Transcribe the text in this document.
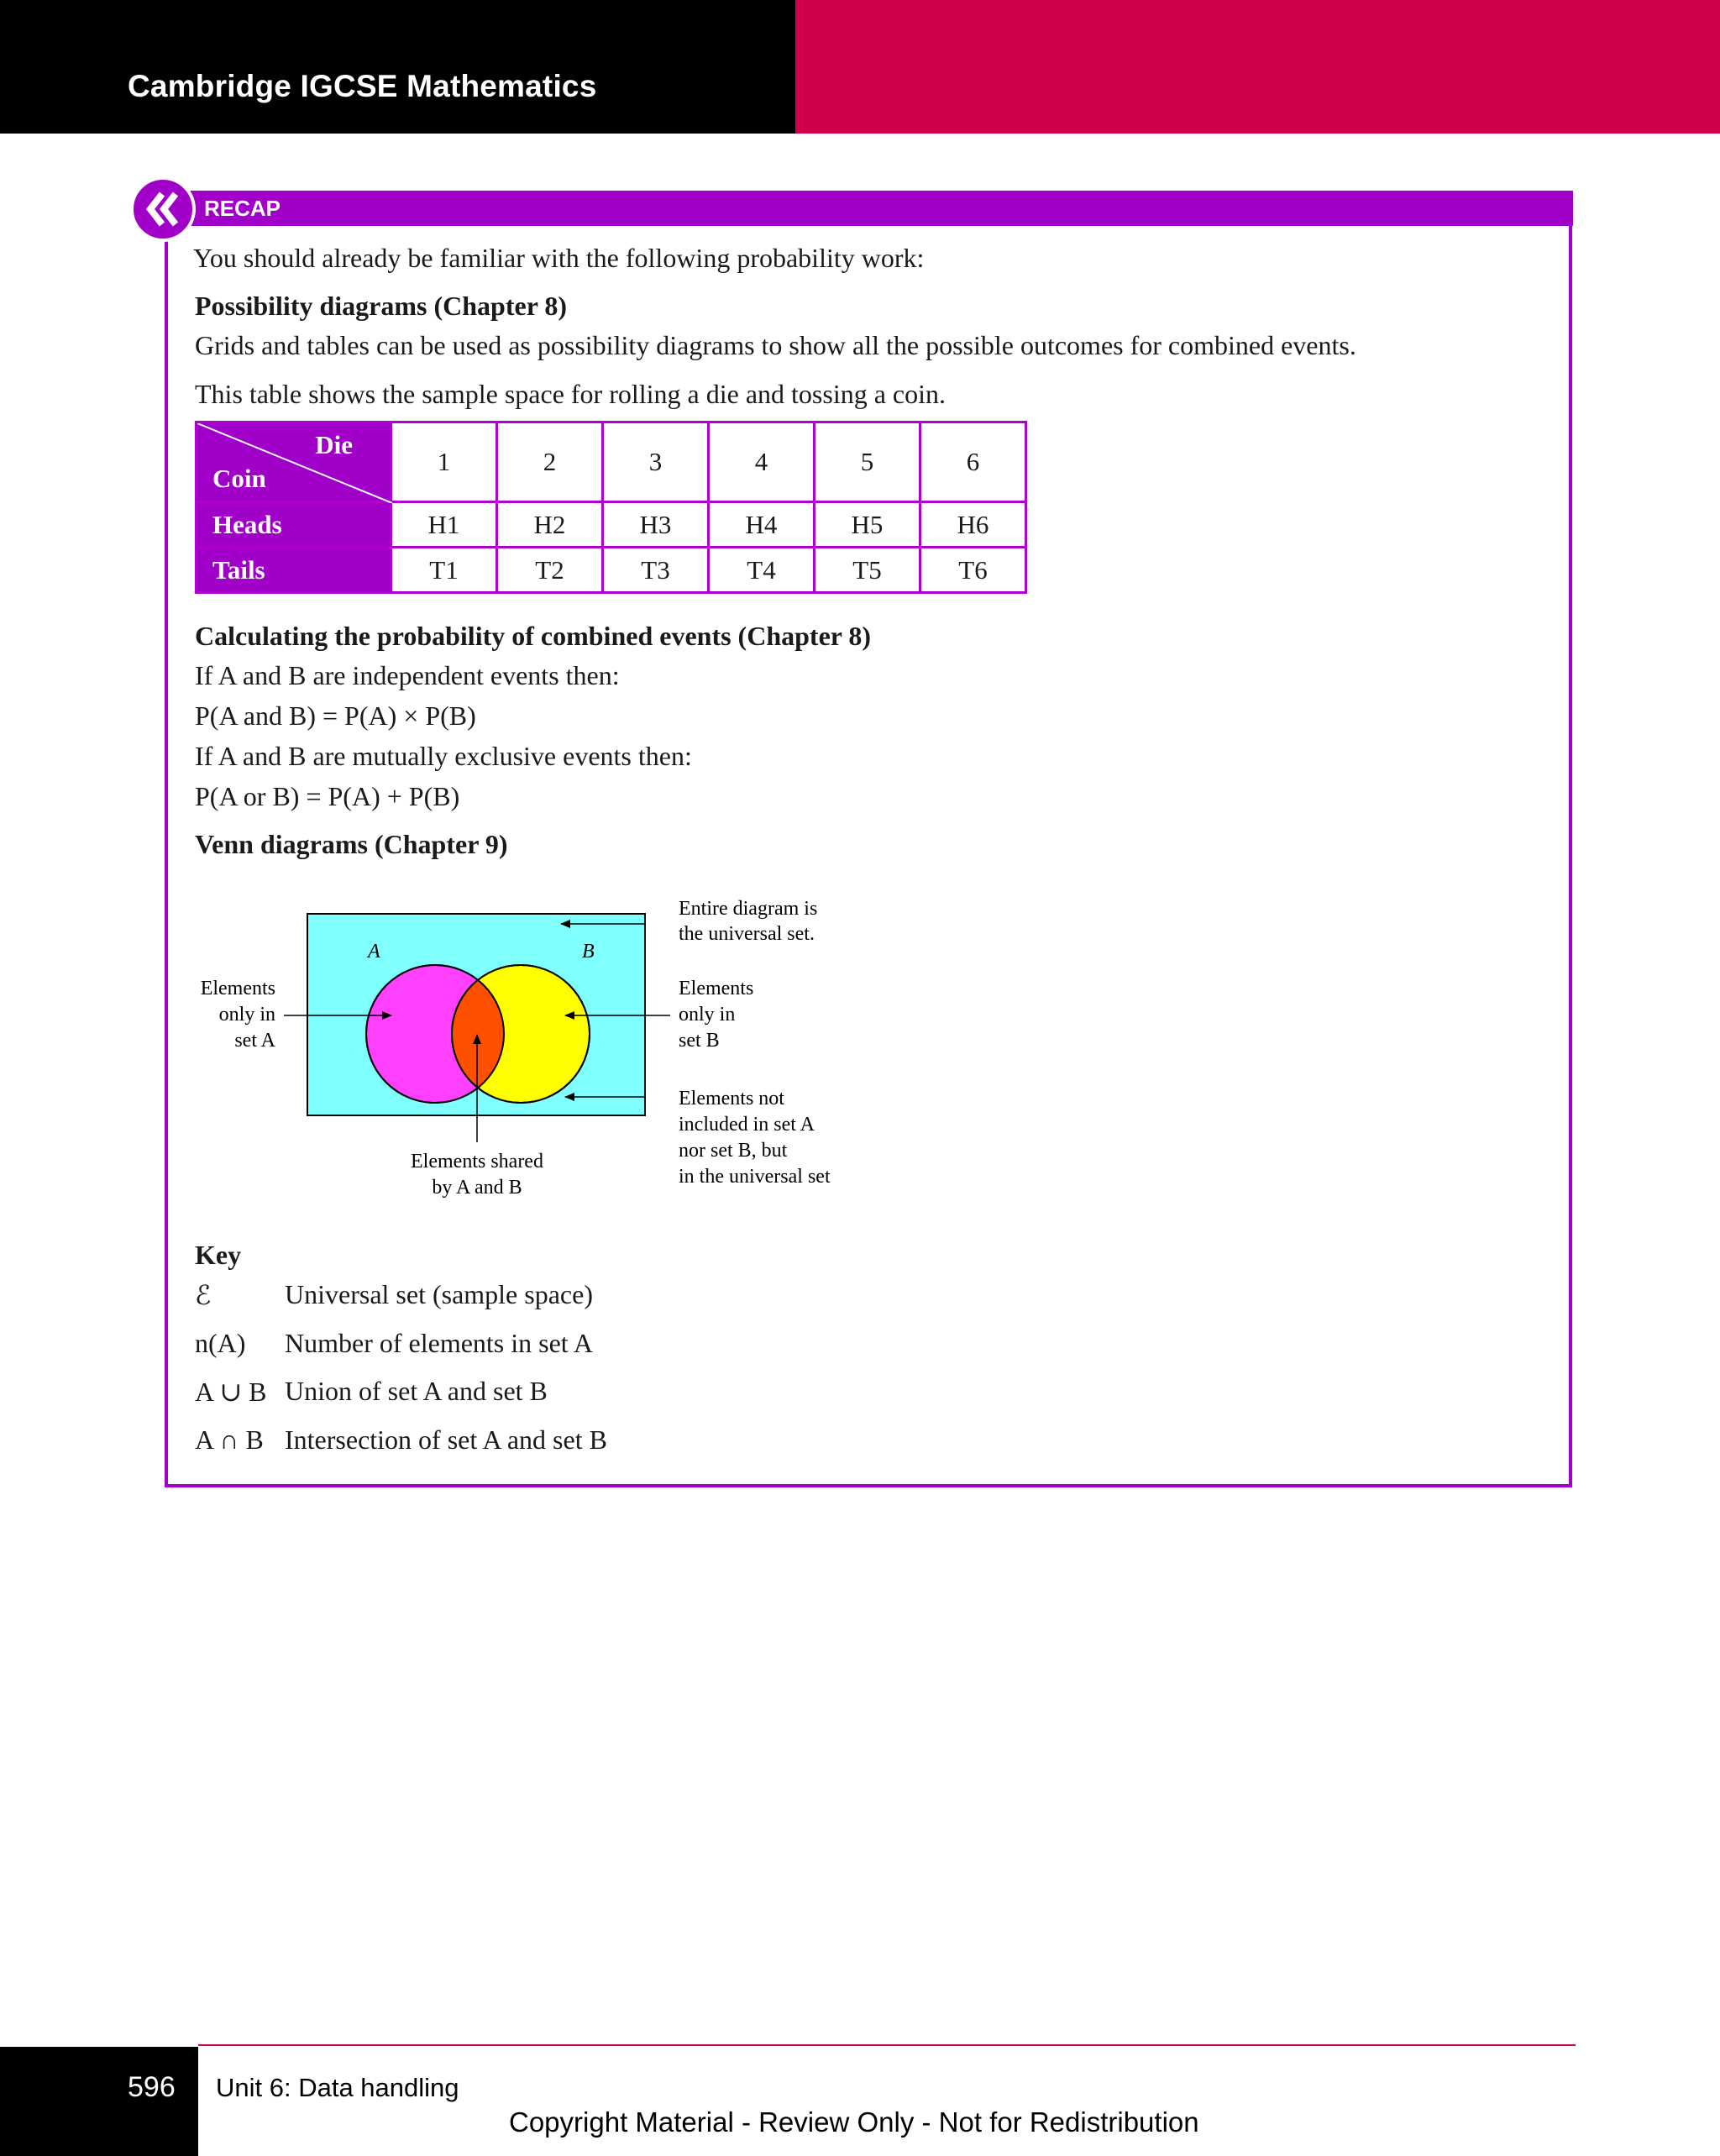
Cambridge IGCSE Mathematics
RECAP
You should already be familiar with the following probability work:
Possibility diagrams (Chapter 8)
Grids and tables can be used as possibility diagrams to show all the possible outcomes for combined events.
This table shows the sample space for rolling a die and tossing a coin.
Die
Coin	1	2	3	4	5	6
Heads	H1	H2	H3	H4	H5	H6
Tails	T1	T2	T3	T4	T5	T6
Calculating the probability of combined events (Chapter 8)
If A and B are independent events then:
P(A and B) = P(A) × P(B)
If A and B are mutually exclusive events then:
P(A or B) = P(A) + P(B)
Venn diagrams (Chapter 9)
A	B
Entire diagram is
the universal set.
Elements
only in
set B
Elements not
included in set A
nor set B, but
in the universal set
Elements
only in
set A
Elements shared
by A and B
Key
ℰ	Universal set (sample space)
n(A) Number of elements in set A
A ∪ B Union of set A and set B
A ∩ B Intersection of set A and set B
596 Unit 6: Data handling
Copyright Material - Review Only - Not for Redistribution
